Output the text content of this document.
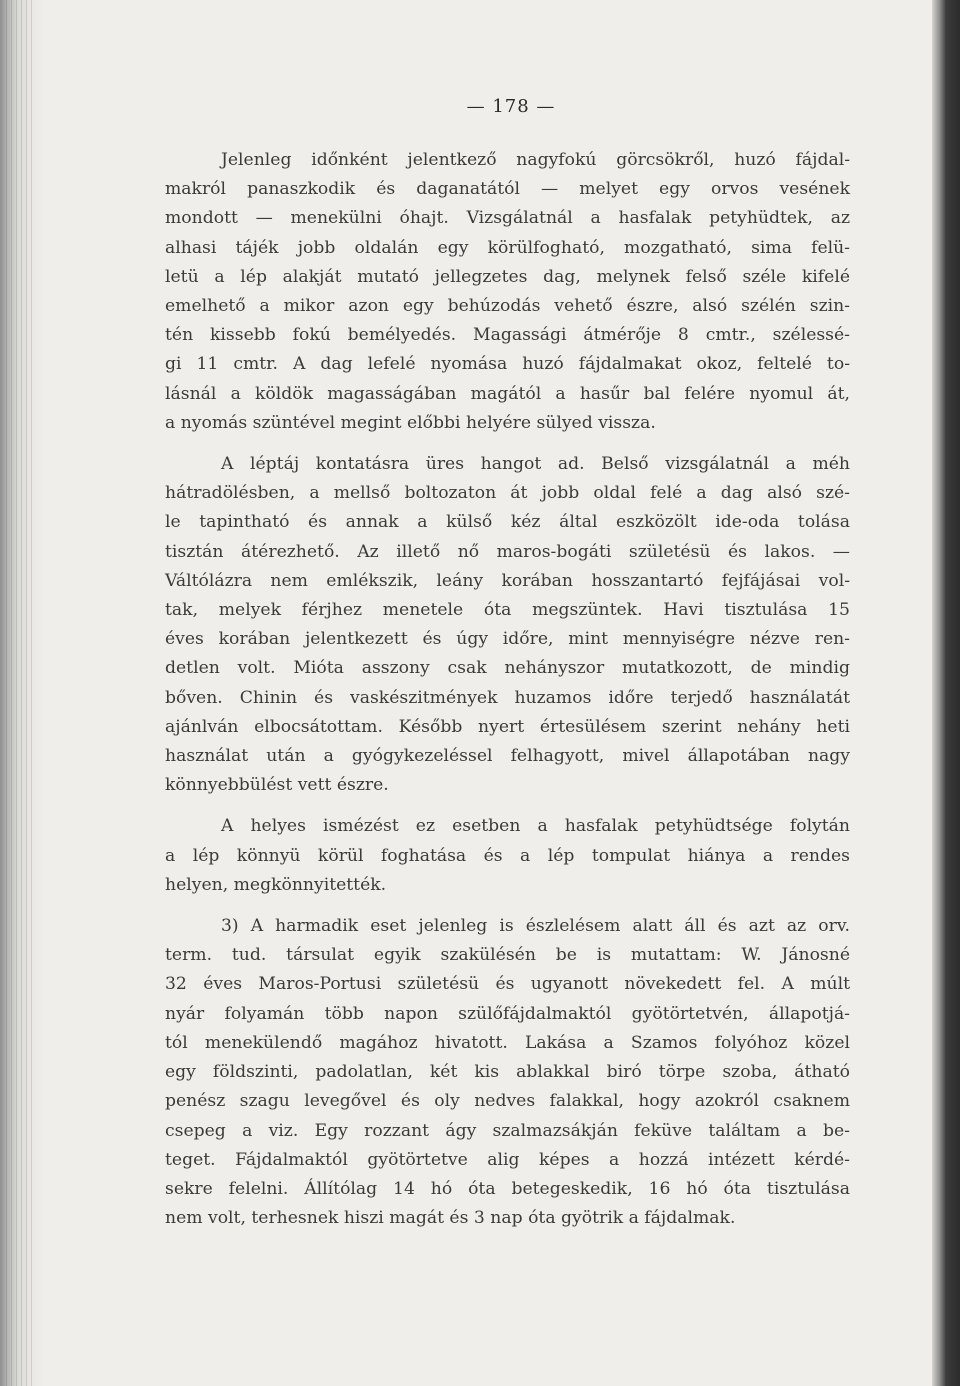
— 178 —
Jelenleg időnként jelentkező nagyfokú görcsökről, huzó fájdal-
makról panaszkodik és daganatától — melyet egy orvos vesének
mondott — menekülni óhajt. Vizsgálatnál a hasfalak petyhüdtek, az
alhasi tájék jobb oldalán egy körülfogható, mozgatható, sima felü-
letü a lép alakját mutató jellegzetes dag, melynek felső széle kifelé
emelhető a mikor azon egy behúzodás vehető észre, alsó szélén szin-
tén kissebb fokú bemélyedés. Magassági átmérője 8 cmtr., szélessé-
gi 11 cmtr. A dag lefelé nyomása huzó fájdalmakat okoz, feltelé to-
lásnál a köldök magasságában magától a hasűr bal felére nyomul át,
a nyomás szüntével megint előbbi helyére sülyed vissza.
A léptáj kontatásra üres hangot ad. Belső vizsgálatnál a méh
hátradölésben, a mellső boltozaton át jobb oldal felé a dag alsó szé-
le tapintható és annak a külső kéz által eszközölt ide-oda tolása
tisztán átérezhető. Az illető nő maros-bogáti születésü és lakos. —
Váltólázra nem emlékszik, leány korában hosszantartó fejfájásai vol-
tak, melyek férjhez menetele óta megszüntek. Havi tisztulása 15
éves korában jelentkezett és úgy időre, mint mennyiségre nézve ren-
detlen volt. Mióta asszony csak nehányszor mutatkozott, de mindig
bőven. Chinin és vaskészitmények huzamos időre terjedő használatát
ajánlván elbocsátottam. Később nyert értesülésem szerint nehány heti
használat után a gyógykezeléssel felhagyott, mivel állapotában nagy
könnyebbülést vett észre.
A helyes ismézést ez esetben a hasfalak petyhüdtsége folytán
a lép könnyü körül foghatása és a lép tompulat hiánya a rendes
helyen, megkönnyitették.
3) A harmadik eset jelenleg is észlelésem alatt áll és azt az orv.
term. tud. társulat egyik szakülésén be is mutattam: W. Jánosné
32 éves Maros-Portusi születésü és ugyanott növekedett fel. A múlt
nyár folyamán több napon szülőfájdalmaktól gyötörtetvén, állapotjá-
tól menekülendő magához hivatott. Lakása a Szamos folyóhoz közel
egy földszinti, padolatlan, két kis ablakkal biró törpe szoba, átható
penész szagu levegővel és oly nedves falakkal, hogy azokról csaknem
csepeg a viz. Egy rozzant ágy szalmazsákján feküve találtam a be-
teget. Fájdalmaktól gyötörtetve alig képes a hozzá intézett kérdé-
sekre felelni. Állítólag 14 hó óta betegeskedik, 16 hó óta tisztulása
nem volt, terhesnek hiszi magát és 3 nap óta gyötrik a fájdalmak.
